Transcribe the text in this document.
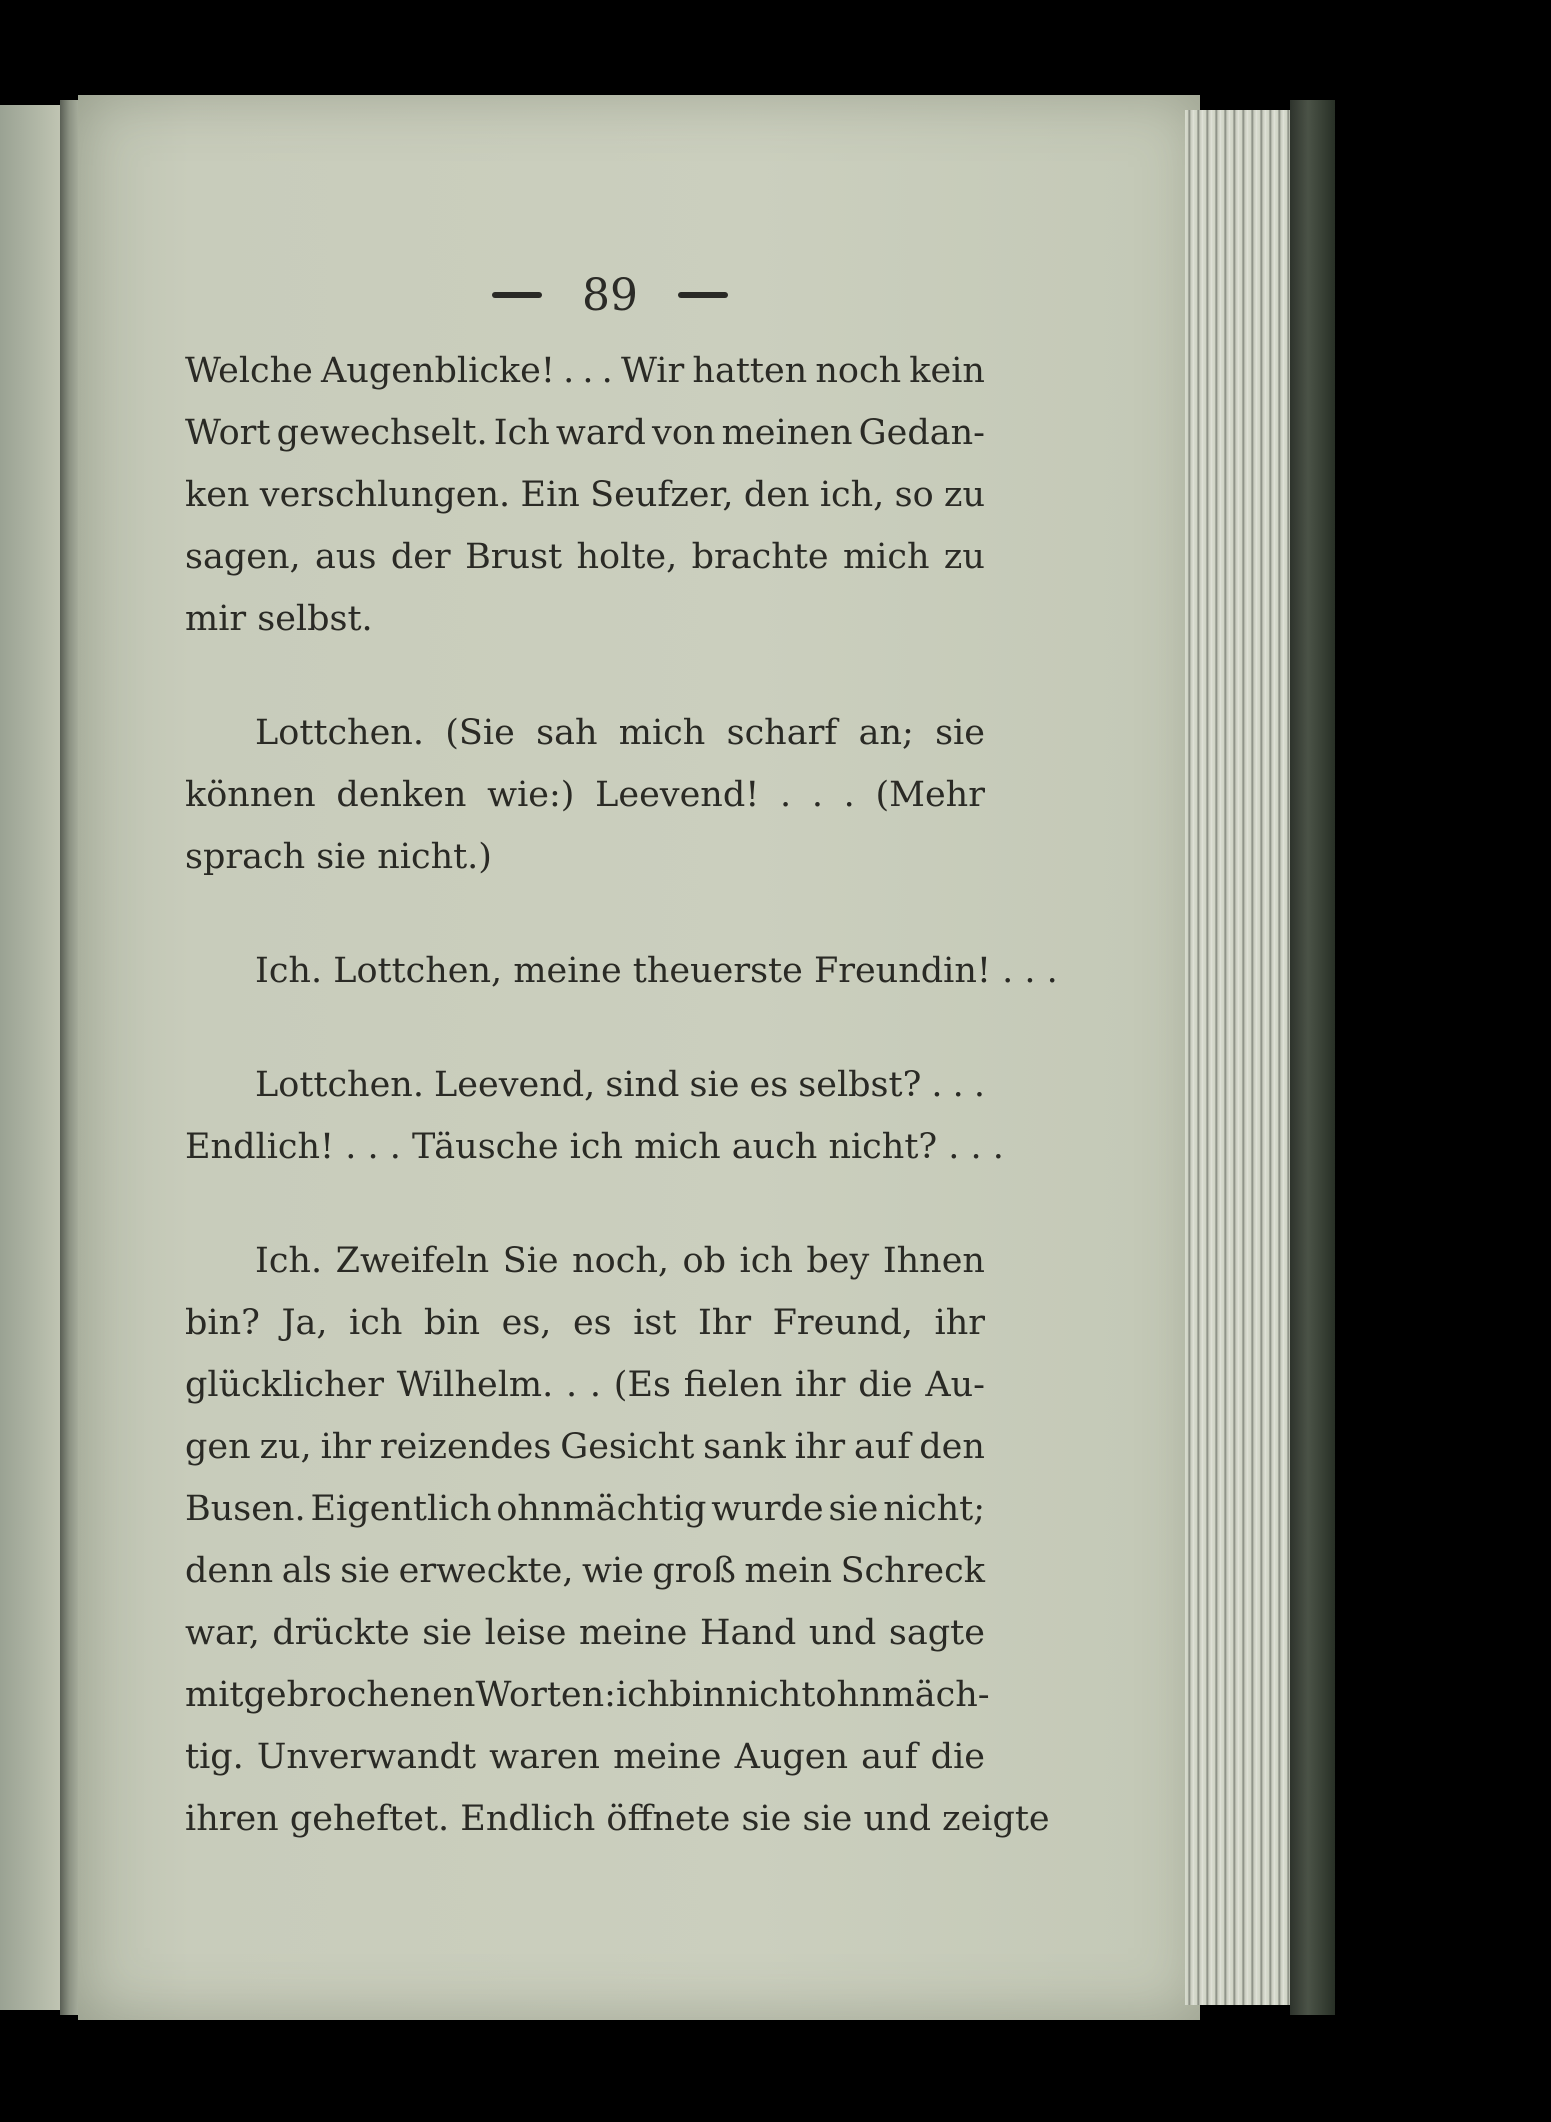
89
Welche Augenblicke! . . . Wir hatten noch kein
Wort gewechselt. Ich ward von meinen Gedan-
ken verschlungen. Ein Seufzer, den ich, so zu
sagen, aus der Brust holte, brachte mich zu
mir selbst.
Lottchen. (Sie sah mich scharf an; sie
können denken wie:) Leevend! . . . (Mehr
sprach sie nicht.)
Ich. Lottchen, meine theuerste Freundin! . . .
Lottchen. Leevend, sind sie es selbst? . . .
Endlich! . . . Täusche ich mich auch nicht? . . .
Ich. Zweifeln Sie noch, ob ich bey Ihnen
bin? Ja, ich bin es, es ist Ihr Freund, ihr
glücklicher Wilhelm. . . (Es fielen ihr die Au-
gen zu, ihr reizendes Gesicht sank ihr auf den
Busen. Eigentlich ohnmächtig wurde sie nicht;
denn als sie erweckte, wie groß mein Schreck
war, drückte sie leise meine Hand und sagte
mit gebrochenen Worten: ich bin nicht ohnmäch-
tig. Unverwandt waren meine Augen auf die
ihren geheftet. Endlich öffnete sie sie und zeigte
